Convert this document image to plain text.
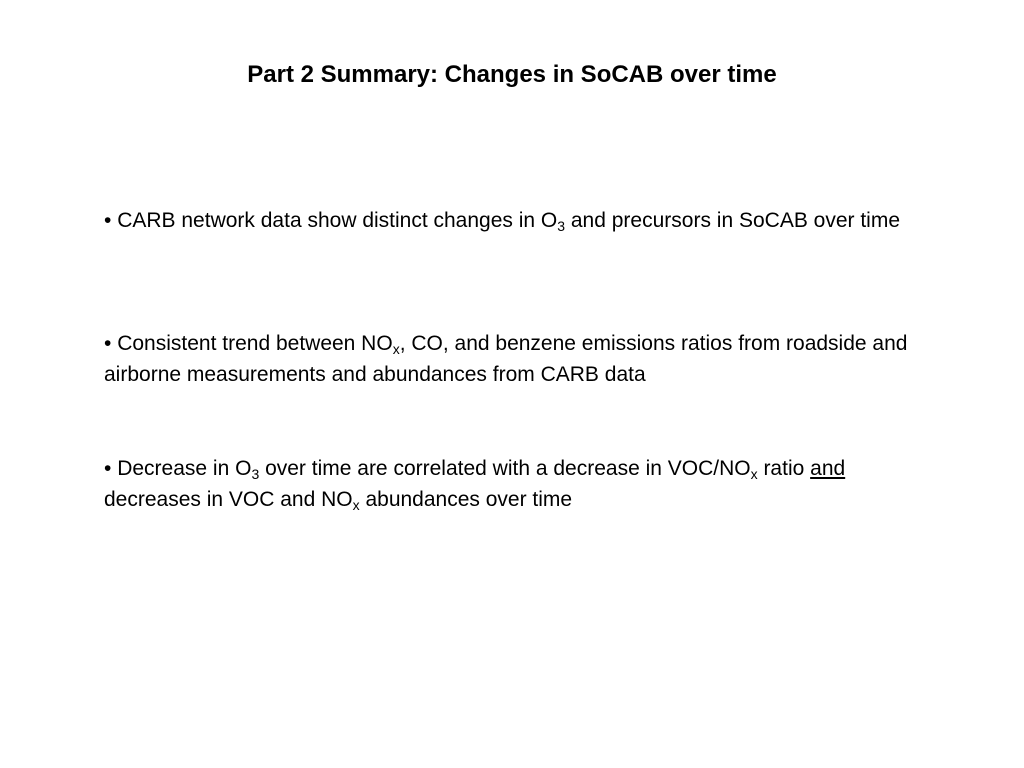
Part 2 Summary: Changes in SoCAB over time

• CARB network data show distinct changes in $O_3$ and precursors in SoCAB over time

• Consistent trend between $NO_x$, CO, and benzene emissions ratios from roadside and airborne measurements and abundances from CARB data

• Decrease in $O_3$ over time are correlated with a decrease in VOC/$NO_x$ ratio and decreases in VOC and $NO_x$ abundances over time
